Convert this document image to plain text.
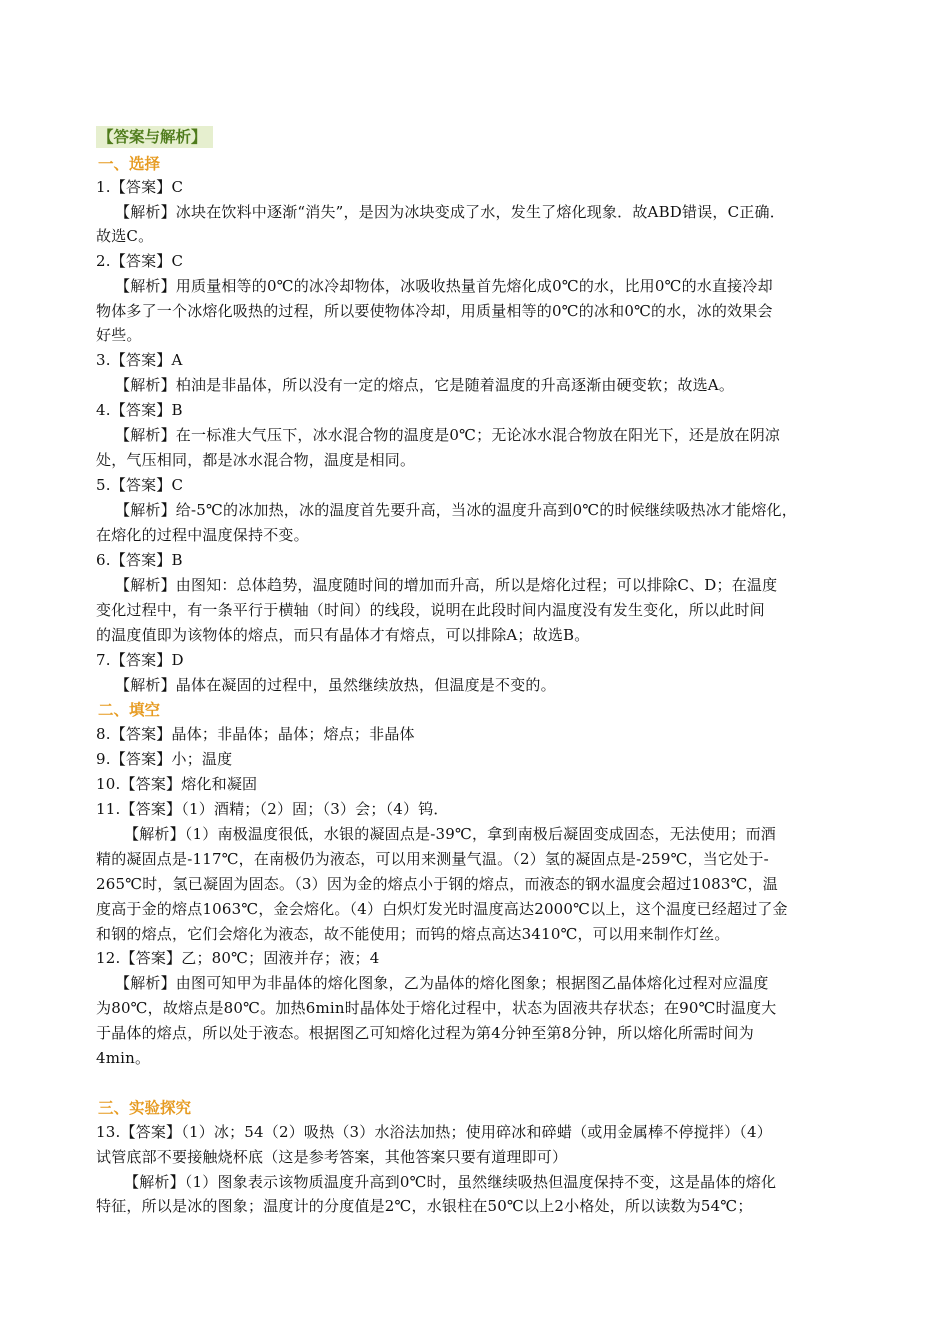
【答案与解析】
一、选择
1.【答案】C
【解析】冰块在饮料中逐渐“消失”，是因为冰块变成了水，发生了熔化现象．故ABD错误，C正确．
故选C。
2.【答案】C
【解析】用质量相等的0℃的冰冷却物体，冰吸收热量首先熔化成0℃的水，比用0℃的水直接冷却
物体多了一个冰熔化吸热的过程，所以要使物体冷却，用质量相等的0℃的冰和0℃的水，冰的效果会
好些。
3.【答案】A
【解析】柏油是非晶体，所以没有一定的熔点，它是随着温度的升高逐渐由硬变软；故选A。
4.【答案】B
【解析】在一标准大气压下，冰水混合物的温度是0℃；无论冰水混合物放在阳光下，还是放在阴凉
处，气压相同，都是冰水混合物，温度是相同。
5.【答案】C
【解析】给-5℃的冰加热，冰的温度首先要升高，当冰的温度升高到0℃的时候继续吸热冰才能熔化，
在熔化的过程中温度保持不变。
6.【答案】B
【解析】由图知：总体趋势，温度随时间的增加而升高，所以是熔化过程；可以排除C、D；在温度
变化过程中，有一条平行于横轴（时间）的线段，说明在此段时间内温度没有发生变化，所以此时间
的温度值即为该物体的熔点，而只有晶体才有熔点，可以排除A；故选B。
7.【答案】D
【解析】晶体在凝固的过程中，虽然继续放热，但温度是不变的。
二、填空
8.【答案】晶体；非晶体；晶体；熔点；非晶体
9.【答案】小；温度
10.【答案】熔化和凝固
11.【答案】（1）酒精；（2）固；（3）会；（4）钨．
【解析】（1）南极温度很低，水银的凝固点是-39℃，拿到南极后凝固变成固态，无法使用；而酒
精的凝固点是-117℃，在南极仍为液态，可以用来测量气温。（2）氢的凝固点是-259℃，当它处于-
265℃时，氢已凝固为固态。（3）因为金的熔点小于钢的熔点，而液态的钢水温度会超过1083℃，温
度高于金的熔点1063℃，金会熔化。（4）白炽灯发光时温度高达2000℃以上，这个温度已经超过了金
和钢的熔点，它们会熔化为液态，故不能使用；而钨的熔点高达3410℃，可以用来制作灯丝。
12.【答案】乙；80℃；固液并存；液；4
【解析】由图可知甲为非晶体的熔化图象，乙为晶体的熔化图象；根据图乙晶体熔化过程对应温度
为80℃，故熔点是80℃。加热6min时晶体处于熔化过程中，状态为固液共存状态；在90℃时温度大
于晶体的熔点，所以处于液态。根据图乙可知熔化过程为第4分钟至第8分钟，所以熔化所需时间为
4min。
三、实验探究
13.【答案】（1）冰；54（2）吸热（3）水浴法加热；使用碎冰和碎蜡（或用金属棒不停搅拌）（4）
试管底部不要接触烧杯底（这是参考答案，其他答案只要有道理即可）
【解析】（1）图象表示该物质温度升高到0℃时，虽然继续吸热但温度保持不变，这是晶体的熔化
特征，所以是冰的图象；温度计的分度值是2℃，水银柱在50℃以上2小格处，所以读数为54℃；
